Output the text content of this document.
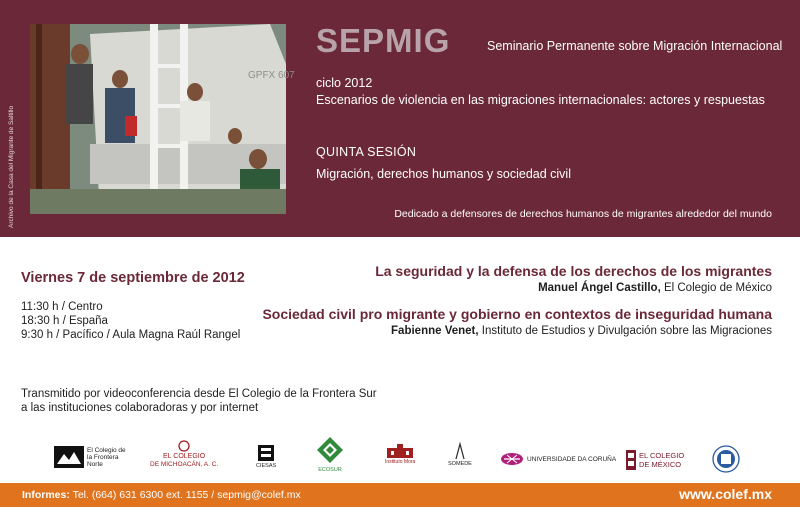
Archivo de la Casa del Migrante de Saltillo
GPFX 607
SEPMIG	Seminario Permanente sobre Migración Internacional
ciclo 2012
Escenarios de violencia en las migraciones internacionales: actores y respuestas
QUINTA SESIÓN
Migración, derechos humanos y sociedad civil
Dedicado a defensores de derechos humanos de migrantes alrededor del mundo
Viernes 7 de septiembre de 2012
11:30 h / Centro
18:30 h / España
9:30 h / Pacífico / Aula Magna Raúl Rangel
La seguridad y la defensa de los derechos de los migrantes
Manuel Ángel Castillo, El Colegio de México
Sociedad civil pro migrante y gobierno en contextos de inseguridad humana
Fabienne Venet, Instituto de Estudios y Divulgación sobre las Migraciones
Transmitido por videoconferencia desde El Colegio de la Frontera Sur
a las instituciones colaboradoras y por internet
El Colegio de la Frontera Norte
EL COLEGIO
DE MICHOACÁN, A. C.	CIESAS
ECOSUR
Instituto Mora	SOMEDE
UNIVERSIDADE DA CORUÑA	EL COLEGIO
DE MÉXICO
Informes: Tel. (664) 631 6300 ext. 1155 / sepmig@colef.mx	www.colef.mx
